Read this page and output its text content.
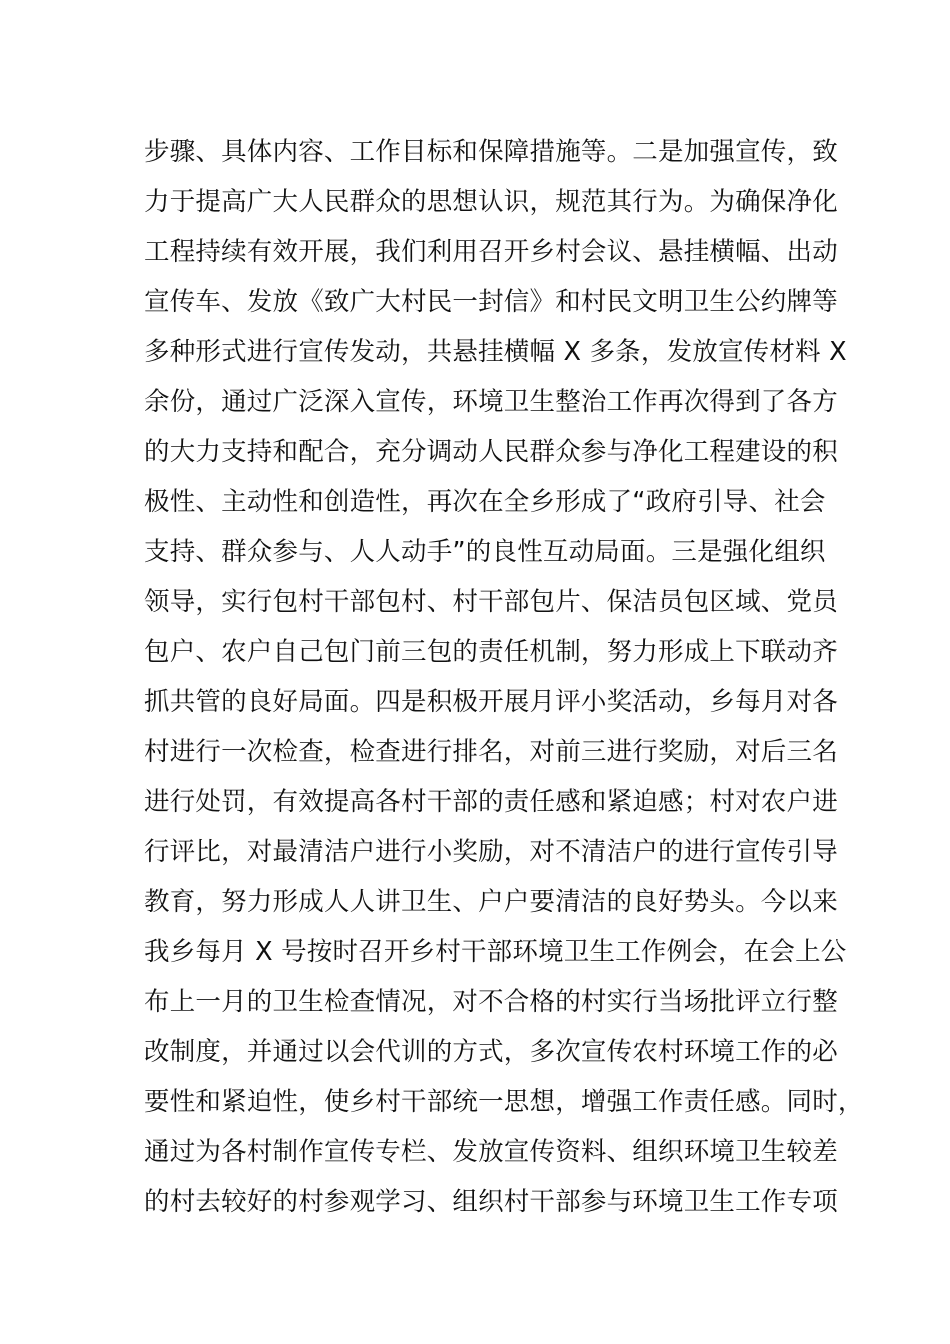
步骤、具体内容、工作目标和保障措施等。二是加强宣传，致
力于提高广大人民群众的思想认识，规范其行为。为确保净化
工程持续有效开展，我们利用召开乡村会议、悬挂横幅、出动
宣传车、发放《致广大村民一封信》和村民文明卫生公约牌等
多种形式进行宣传发动，共悬挂横幅 X 多条，发放宣传材料 X
余份，通过广泛深入宣传，环境卫生整治工作再次得到了各方
的大力支持和配合，充分调动人民群众参与净化工程建设的积
极性、主动性和创造性，再次在全乡形成了“政府引导、社会
支持、群众参与、人人动手”的良性互动局面。三是强化组织
领导，实行包村干部包村、村干部包片、保洁员包区域、党员
包户、农户自己包门前三包的责任机制，努力形成上下联动齐
抓共管的良好局面。四是积极开展月评小奖活动，乡每月对各
村进行一次检查，检查进行排名，对前三进行奖励，对后三名
进行处罚，有效提高各村干部的责任感和紧迫感；村对农户进
行评比，对最清洁户进行小奖励，对不清洁户的进行宣传引导
教育，努力形成人人讲卫生、户户要清洁的良好势头。今以来
我乡每月 X 号按时召开乡村干部环境卫生工作例会，在会上公
布上一月的卫生检查情况，对不合格的村实行当场批评立行整
改制度，并通过以会代训的方式，多次宣传农村环境工作的必
要性和紧迫性，使乡村干部统一思想，增强工作责任感。同时，
通过为各村制作宣传专栏、发放宣传资料、组织环境卫生较差
的村去较好的村参观学习、组织村干部参与环境卫生工作专项
